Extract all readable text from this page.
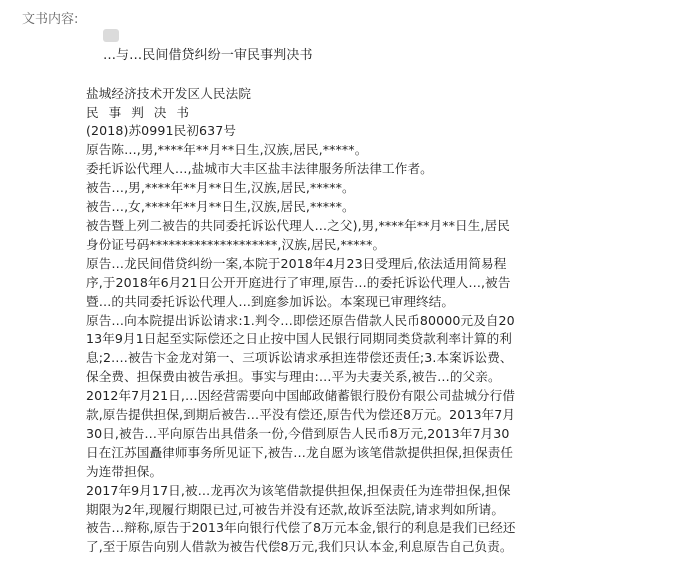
文书内容:

…与…民间借贷纠纷一审民事判决书

盐城经济技术开发区人民法院

民 事 判 决 书

(2018)苏0991民初637号

原告陈…,男,****年**月**日生,汉族,居民,*****。

委托诉讼代理人…,盐城市大丰区盐丰法律服务所法律工作者。

被告…,男,****年**月**日生,汉族,居民,*****。

被告…,女,****年**月**日生,汉族,居民,*****。

被告暨上列二被告的共同委托诉讼代理人…之父),男,****年**月**日生,居民身份证号码********************,汉族,居民,*****。

原告…龙民间借贷纠纷一案,本院于2018年4月23日受理后,依法适用简易程序,于2018年6月21日公开开庭进行了审理,原告…的委托诉讼代理人…,被告暨…的共同委托诉讼代理人…到庭参加诉讼。本案现已审理终结。

原告…向本院提出诉讼请求:1.判令…即偿还原告借款人民币80000元及自2013年9月1日起至实际偿还之日止按中国人民银行同期同类贷款利率计算的利息;2.…被告卞金龙对第一、三项诉讼请求承担连带偿还责任;3.本案诉讼费、保全费、担保费由被告承担。事实与理由:…平为夫妻关系,被告…的父亲。

2012年7月21日,…因经营需要向中国邮政储蓄银行股份有限公司盐城分行借款,原告提供担保,到期后被告…平没有偿还,原告代为偿还8万元。2013年7月30日,被告…平向原告出具借条一份,今借到原告人民币8万元,2013年7月30日在江苏国矗律师事务所见证下,被告…龙自愿为该笔借款提供担保,担保责任为连带担保。

2017年9月17日,被…龙再次为该笔借款提供担保,担保责任为连带担保,担保期限为2年,现履行期限已过,可被告并没有还款,故诉至法院,请求判如所请。

被告…辩称,原告于2013年向银行代偿了8万元本金,银行的利息是我们已经还了,至于原告向别人借款为被告代偿8万元,我们只认本金,利息原告自己负责。
